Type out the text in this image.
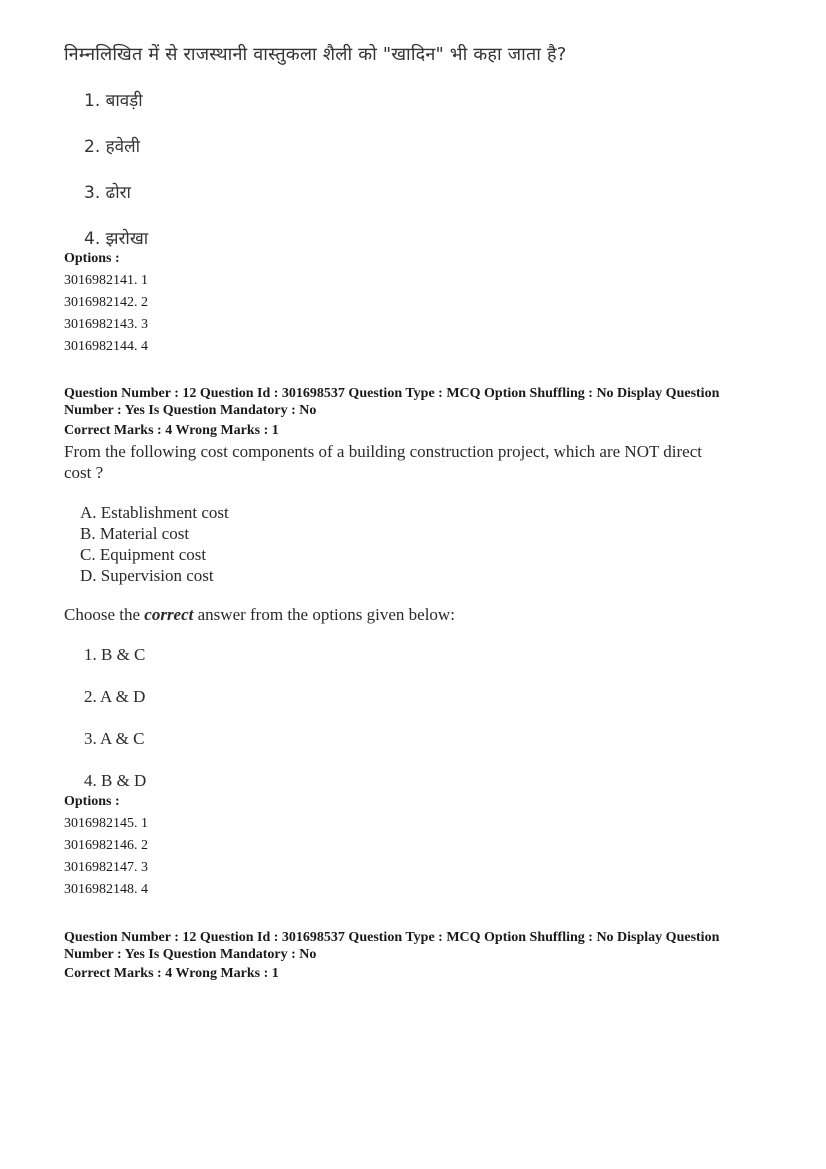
निम्नलिखित में से राजस्थानी वास्तुकला शैली को "खादिन" भी कहा जाता है?
1. बावड़ी
2. हवेली
3. ढोरा
4. झरोखा
Options :
3016982141. 1
3016982142. 2
3016982143. 3
3016982144. 4
Question Number : 12 Question Id : 301698537 Question Type : MCQ Option Shuffling : No Display Question
Number : Yes Is Question Mandatory : No
Correct Marks : 4 Wrong Marks : 1
From the following cost components of a building construction project, which are NOT direct
cost ?
A. Establishment cost
B. Material cost
C. Equipment cost
D. Supervision cost
Choose the correct answer from the options given below:
1. B & C
2. A & D
3. A & C
4. B & D
Options :
3016982145. 1
3016982146. 2
3016982147. 3
3016982148. 4
Question Number : 12 Question Id : 301698537 Question Type : MCQ Option Shuffling : No Display Question
Number : Yes Is Question Mandatory : No
Correct Marks : 4 Wrong Marks : 1
